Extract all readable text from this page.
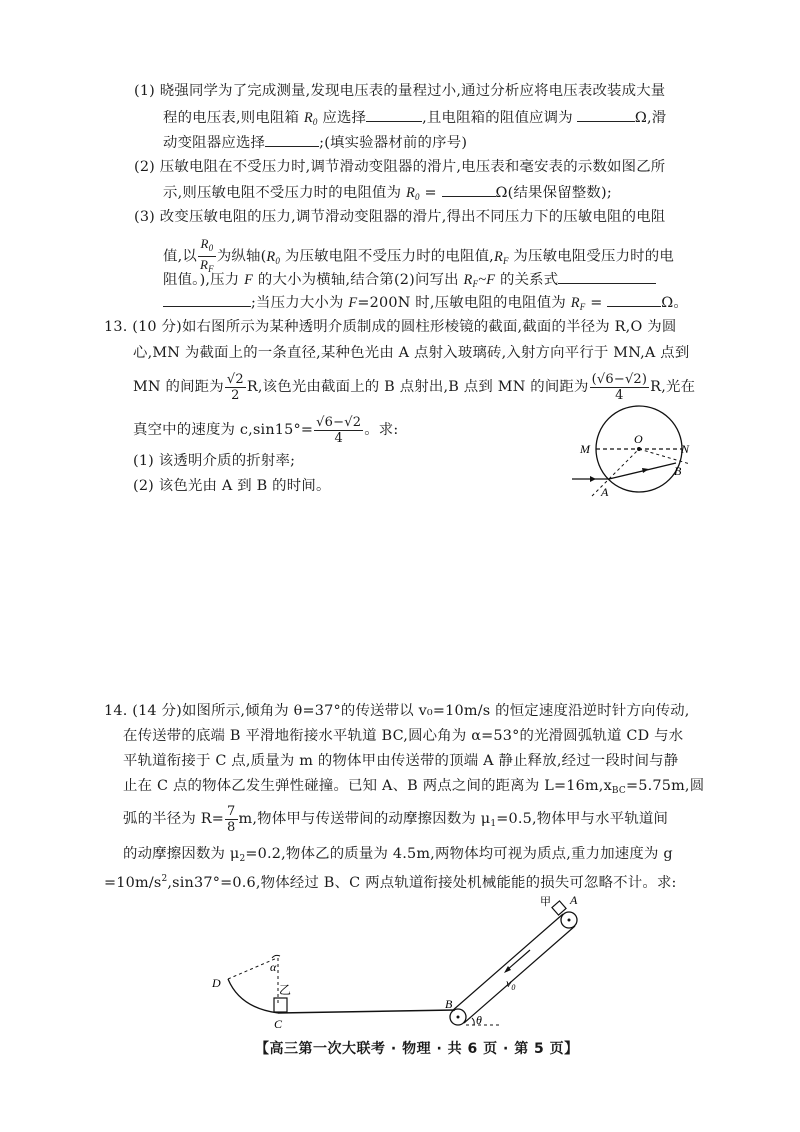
(1) 晓强同学为了完成测量,发现电压表的量程过小,通过分析应将电压表改装成大量
程的电压表,则电阻箱 $R_0$ 应选择	,且电阻箱的阻值应调为	Ω,滑
动变阻器应选择	;(填实验器材前的序号)
(2) 压敏电阻在不受压力时,调节滑动变阻器的滑片,电压表和毫安表的示数如图乙所
示,则压敏电阻不受压力时的电阻值为 $R_0$ =	Ω(结果保留整数);
(3) 改变压敏电阻的压力,调节滑动变阻器的滑片,得出不同压力下的压敏电阻的电阻
值,以 $\frac{R_0}{R_F}$ 为纵轴($R_0$ 为压敏电阻不受压力时的电阻值$,R_F$ 为压敏电阻受压力时的电
阻值。),压力 F 的大小为横轴,结合第(2)问写出 $R_F\sim F$ 的关系式
;当压力大小为 F=200N 时,压敏电阻的电阻值为 $R_F$ =	Ω。
13. (10 分)如右图所示为某种透明介质制成的圆柱形棱镜的截面,截面的半径为 R,O 为圆
心,MN 为截面上的一条直径,某种色光由 A 点射入玻璃砖,入射方向平行于 MN,A 点到
MN 的间距为 $\frac{√2}{2} R$,该色光由截面上的 B 点射出,B 点到 MN 的间距为 $\frac{(√6-√2)}{4} R$,光在
真空中的速度为 $c,\sin 15^\circ= \frac{√6-√2}{4}$ 。求:
(1) 该透明介质的折射率;
(2) 该色光由 A 到 B 的时间。
M	N
O
A
B
14. (14 分)如图所示,倾角为 θ=37°的传送带以 v₀=10m/s 的恒定速度沿逆时针方向传动,
在传送带的底端 B 平滑地衔接水平轨道 BC,圆心角为 α=53°的光滑圆弧轨道 CD 与水
平轨道衔接于 C 点,质量为 m 的物体甲由传送带的顶端 A 静止释放,经过一段时间与静
止在 C 点的物体乙发生弹性碰撞。已知 A、B 两点之间的距离为 $L=16m,x_{BC}=5.75m$,圆
弧的半径为 $R= \frac{7}{8} m$,物体甲与传送带间的动摩擦因数为 $\mu_1=0.5$,物体甲与水平轨道间
的动摩擦因数为 $\mu_2=0.2$,物体乙的质量为 4.5m,两物体均可视为质点,重力加速度为 g
$=10m/s^2,\sin 37^\circ=0.6$,物体经过 B、C 两点轨道衔接处机械能能的损失可忽略不计。求:
α
D	乙
C
$v_0$
甲 A
B
θ
【高三第一次大联考 · 物理 · 共 6 页 · 第 5 页】
